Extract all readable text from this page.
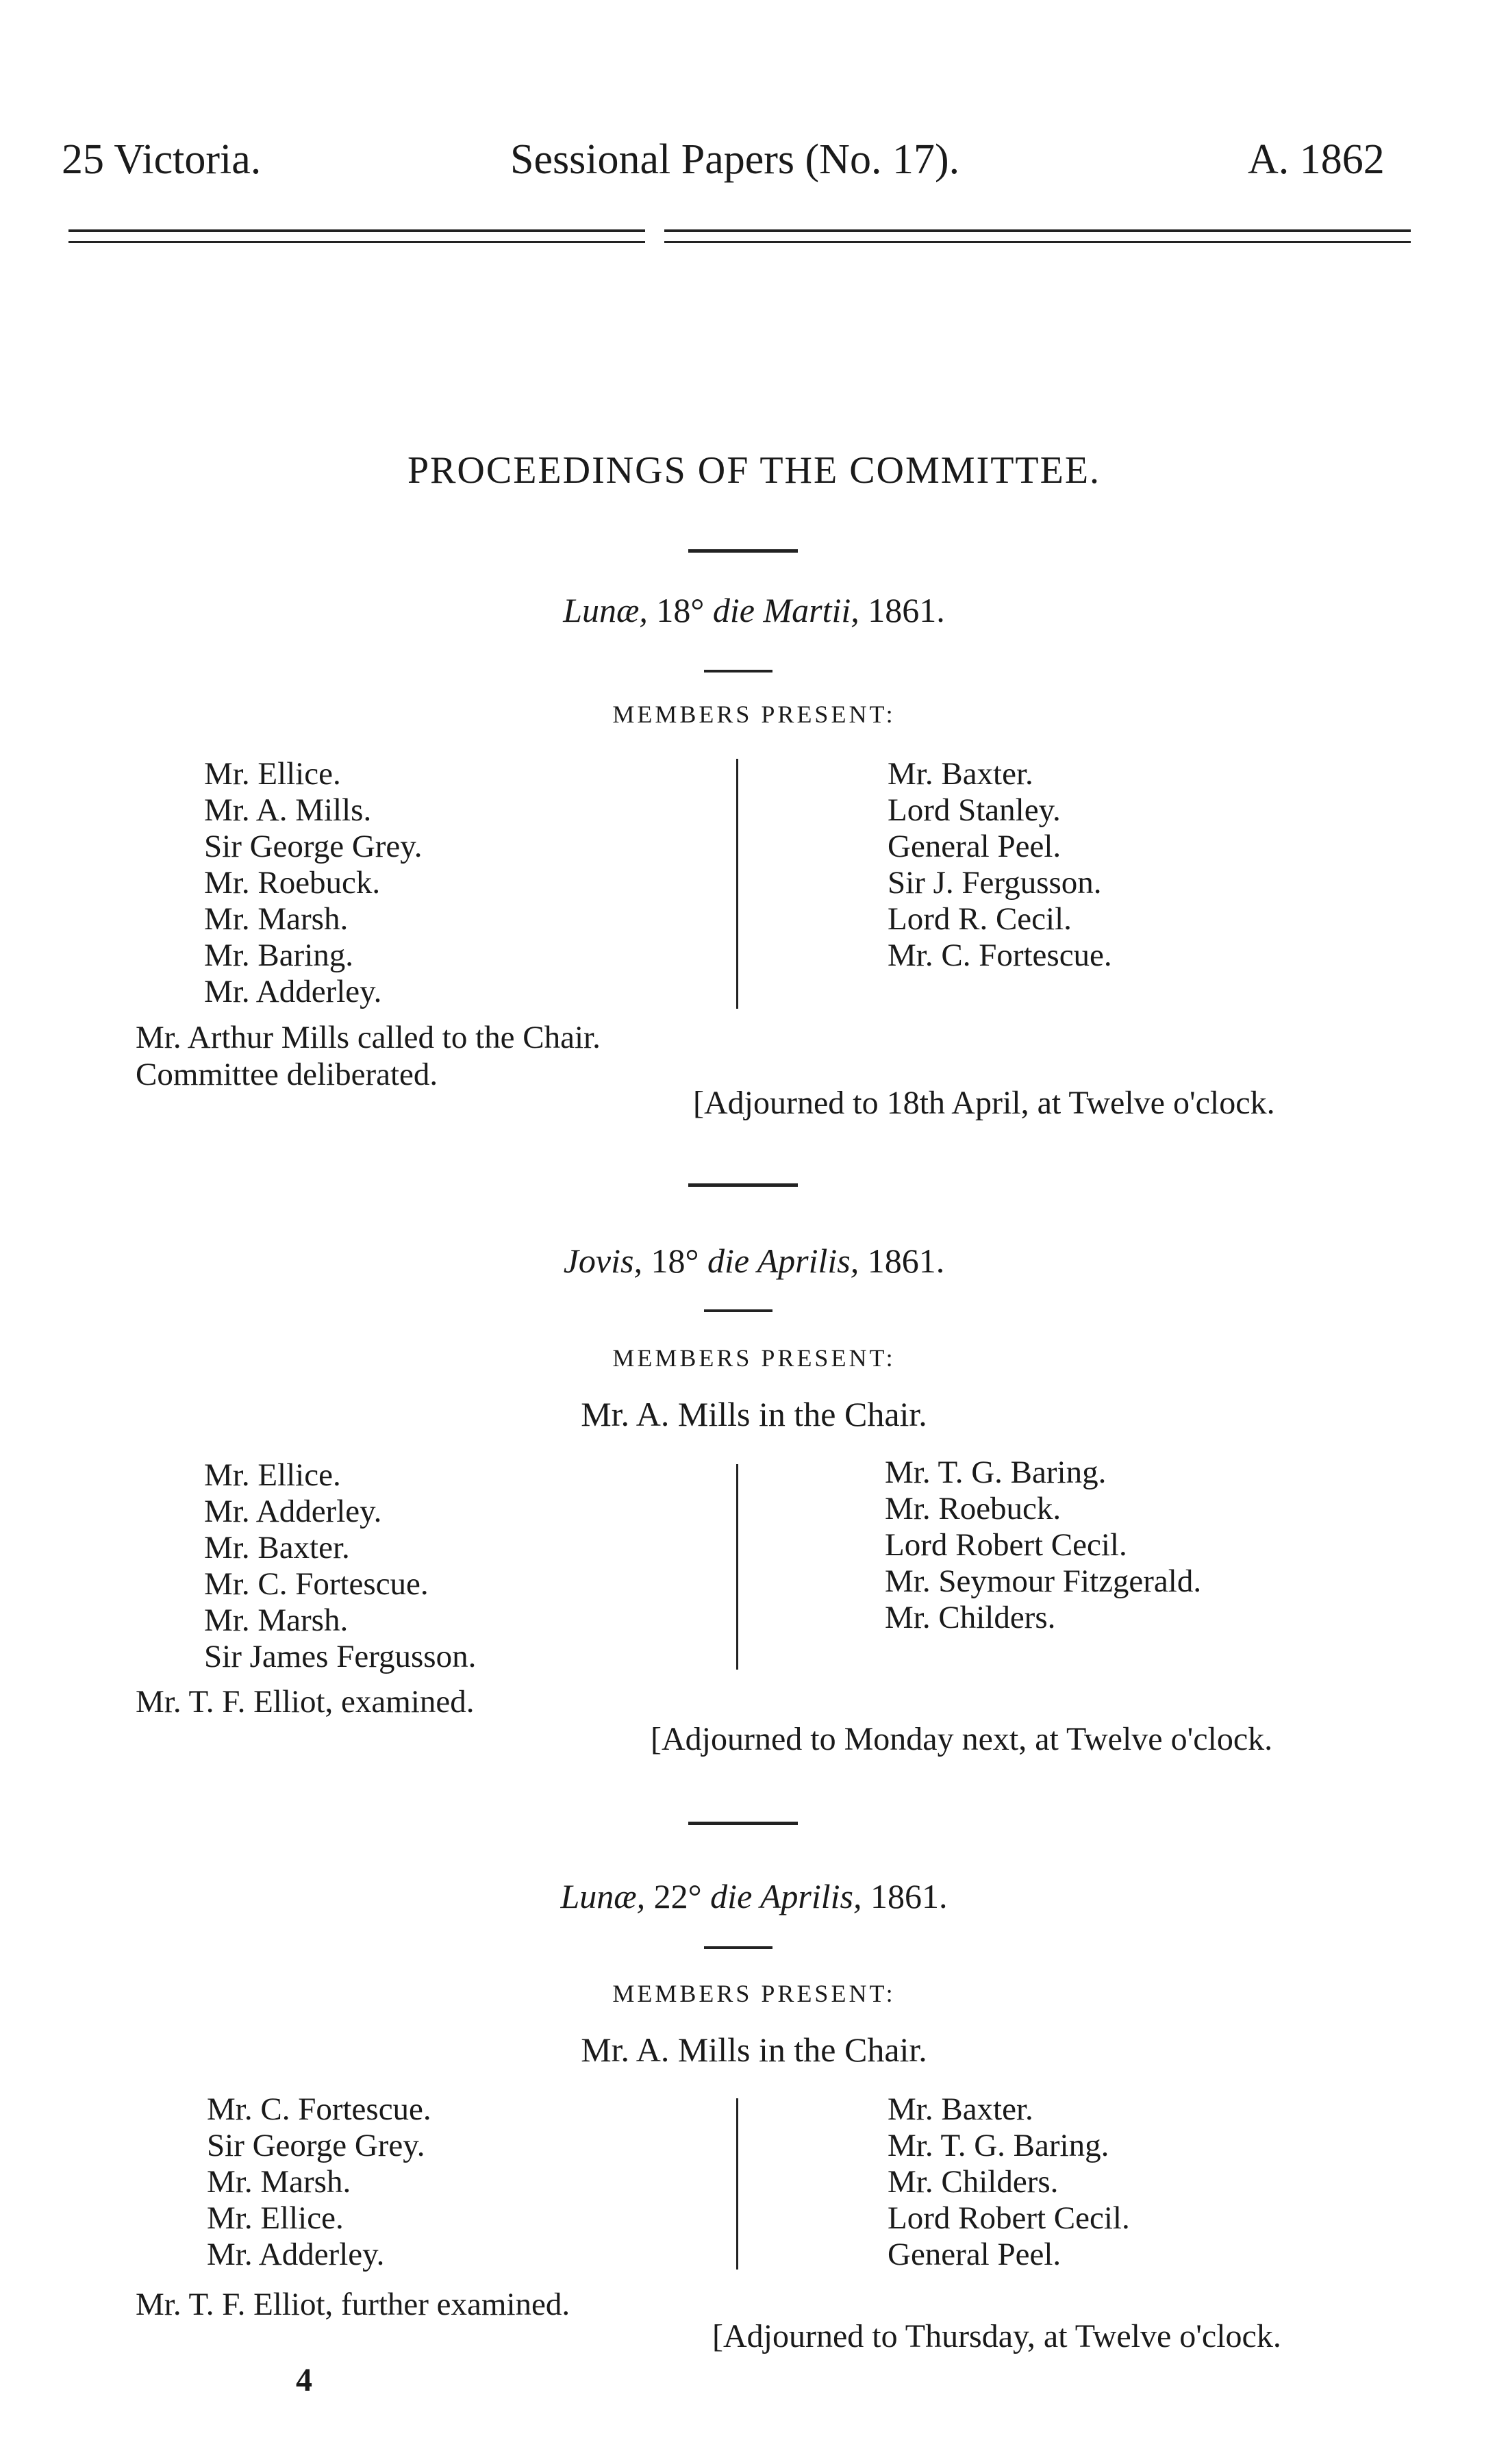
25 Victoria.	Sessional Papers (No. 17).	A. 1862
PROCEEDINGS OF THE COMMITTEE.
Lunæ, 18° die Martii, 1861.
MEMBERS PRESENT:
Mr. Ellice.
Mr. A. Mills.
Sir George Grey.
Mr. Roebuck.
Mr. Marsh.
Mr. Baring.
Mr. Adderley.
Mr. Baxter.
Lord Stanley.
General Peel.
Sir J. Fergusson.
Lord R. Cecil.
Mr. C. Fortescue.
Mr. Arthur Mills called to the Chair.
Committee deliberated.
[Adjourned to 18th April, at Twelve o'clock.
Jovis, 18° die Aprilis, 1861.
MEMBERS PRESENT:
Mr. A. Mills in the Chair.
Mr. Ellice.
Mr. Adderley.
Mr. Baxter.
Mr. C. Fortescue.
Mr. Marsh.
Sir James Fergusson.
Mr. T. G. Baring.
Mr. Roebuck.
Lord Robert Cecil.
Mr. Seymour Fitzgerald.
Mr. Childers.
Mr. T. F. Elliot, examined.
[Adjourned to Monday next, at Twelve o'clock.
Lunæ, 22° die Aprilis, 1861.
MEMBERS PRESENT:
Mr. A. Mills in the Chair.
Mr. C. Fortescue.
Sir George Grey.
Mr. Marsh.
Mr. Ellice.
Mr. Adderley.
Mr. Baxter.
Mr. T. G. Baring.
Mr. Childers.
Lord Robert Cecil.
General Peel.
Mr. T. F. Elliot, further examined.
[Adjourned to Thursday, at Twelve o'clock.
4
